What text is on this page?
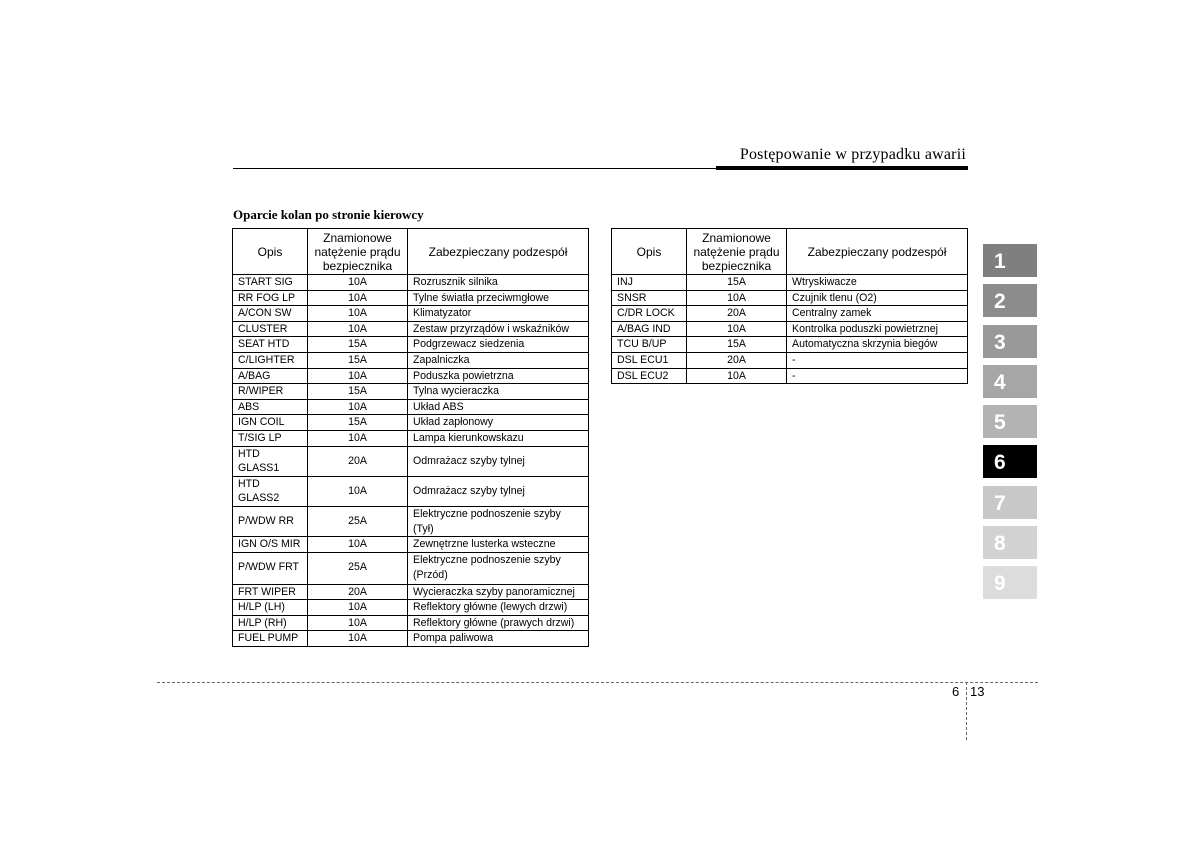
Postępowanie w przypadku awarii
Oparcie kolan po stronie kierowcy
Opis	Znamionowe natężenie prądu bezpiecznika	Zabezpieczany podzespół
START SIG	10A	Rozrusznik silnika
RR FOG LP	10A	Tylne światła przeciwmgłowe
A/CON SW	10A	Klimatyzator
CLUSTER	10A	Zestaw przyrządów i wskaźników
SEAT HTD	15A	Podgrzewacz siedzenia
C/LIGHTER	15A	Zapalniczka
A/BAG	10A	Poduszka powietrzna
R/WIPER	15A	Tylna wycieraczka
ABS	10A	Układ ABS
IGN COIL	15A	Układ zapłonowy
T/SIG LP	10A	Lampa kierunkowskazu
HTD GLASS1	20A	Odmrażacz szyby tylnej
HTD GLASS2	10A	Odmrażacz szyby tylnej
P/WDW RR	25A	Elektryczne podnoszenie szyby (Tył)
IGN O/S MIR	10A	Zewnętrzne lusterka wsteczne
P/WDW FRT	25A	Elektryczne podnoszenie szyby (Przód)
FRT WIPER	20A	Wycieraczka szyby panoramicznej
H/LP (LH)	10A	Reflektory główne (lewych drzwi)
H/LP (RH)	10A	Reflektory główne (prawych drzwi)
FUEL PUMP	10A	Pompa paliwowa
Opis	Znamionowe natężenie prądu bezpiecznika	Zabezpieczany podzespół
INJ	15A	Wtryskiwacze
SNSR	10A	Czujnik tlenu (O2)
C/DR LOCK	20A	Centralny zamek
A/BAG IND	10A	Kontrolka poduszki powietrznej
TCU B/UP	15A	Automatyczna skrzynia biegów
DSL ECU1	20A	-
DSL ECU2	10A	-
1
2
3
4
5
6
7
8
9
6 13
